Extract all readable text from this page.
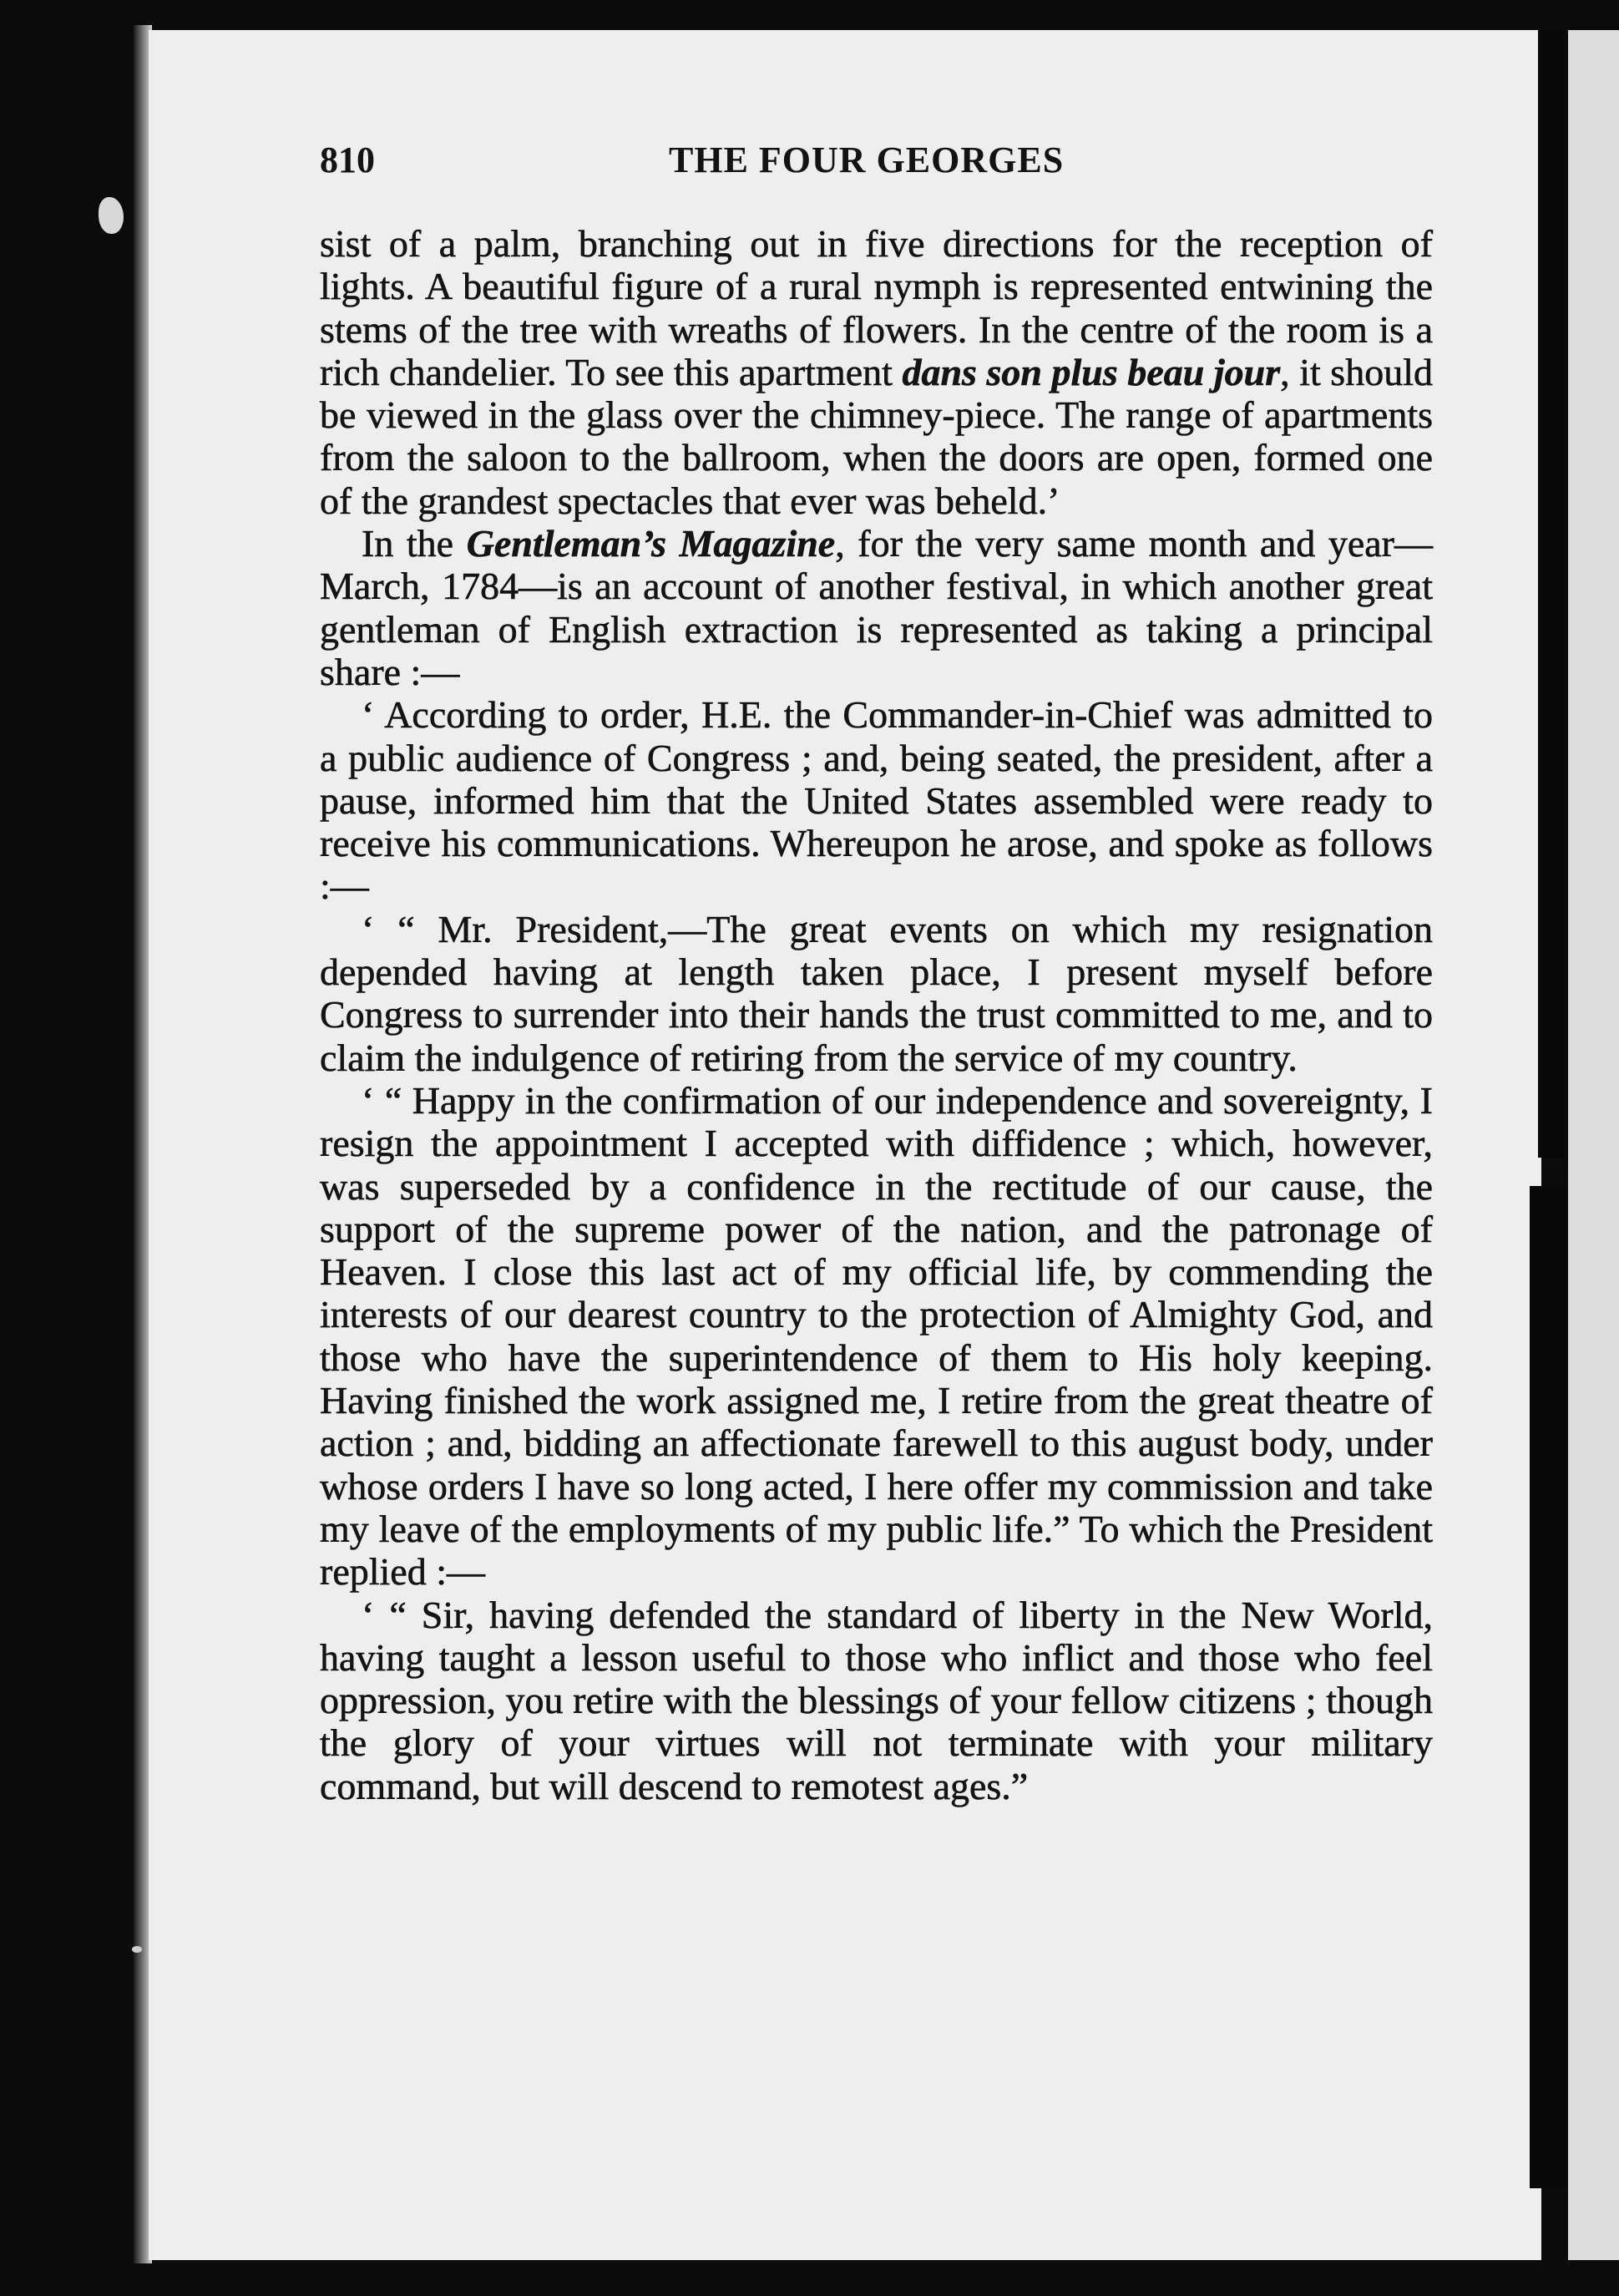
810	THE FOUR GEORGES

sist of a palm, branching out in five directions for the reception of lights. A beautiful figure of a rural nymph is represented entwining the stems of the tree with wreaths of flowers. In the centre of the room is a rich chandelier. To see this apartment dans son plus beau jour, it should be viewed in the glass over the chimney-piece. The range of apartments from the saloon to the ballroom, when the doors are open, formed one of the grandest spectacles that ever was beheld.’

In the Gentleman’s Magazine, for the very same month and year—March, 1784—is an account of another festival, in which another great gentleman of English extraction is represented as taking a principal share :—

‘ According to order, H.E. the Commander-in-Chief was admitted to a public audience of Congress ; and, being seated, the president, after a pause, informed him that the United States assembled were ready to receive his communications. Whereupon he arose, and spoke as follows :—

‘ “ Mr. President,—The great events on which my resignation depended having at length taken place, I present myself before Congress to surrender into their hands the trust committed to me, and to claim the indulgence of retiring from the service of my country.

‘ “ Happy in the confirmation of our independence and sovereignty, I resign the appointment I accepted with diffidence ; which, however, was superseded by a confidence in the rectitude of our cause, the support of the supreme power of the nation, and the patronage of Heaven. I close this last act of my official life, by commending the interests of our dearest country to the protection of Almighty God, and those who have the superintendence of them to His holy keeping. Having finished the work assigned me, I retire from the great theatre of action ; and, bidding an affectionate farewell to this august body, under whose orders I have so long acted, I here offer my commission and take my leave of the employments of my public life.” To which the President replied :—

‘ “ Sir, having defended the standard of liberty in the New World, having taught a lesson useful to those who inflict and those who feel oppression, you retire with the blessings of your fellow citizens ; though the glory of your virtues will not terminate with your military command, but will descend to remotest ages.”
